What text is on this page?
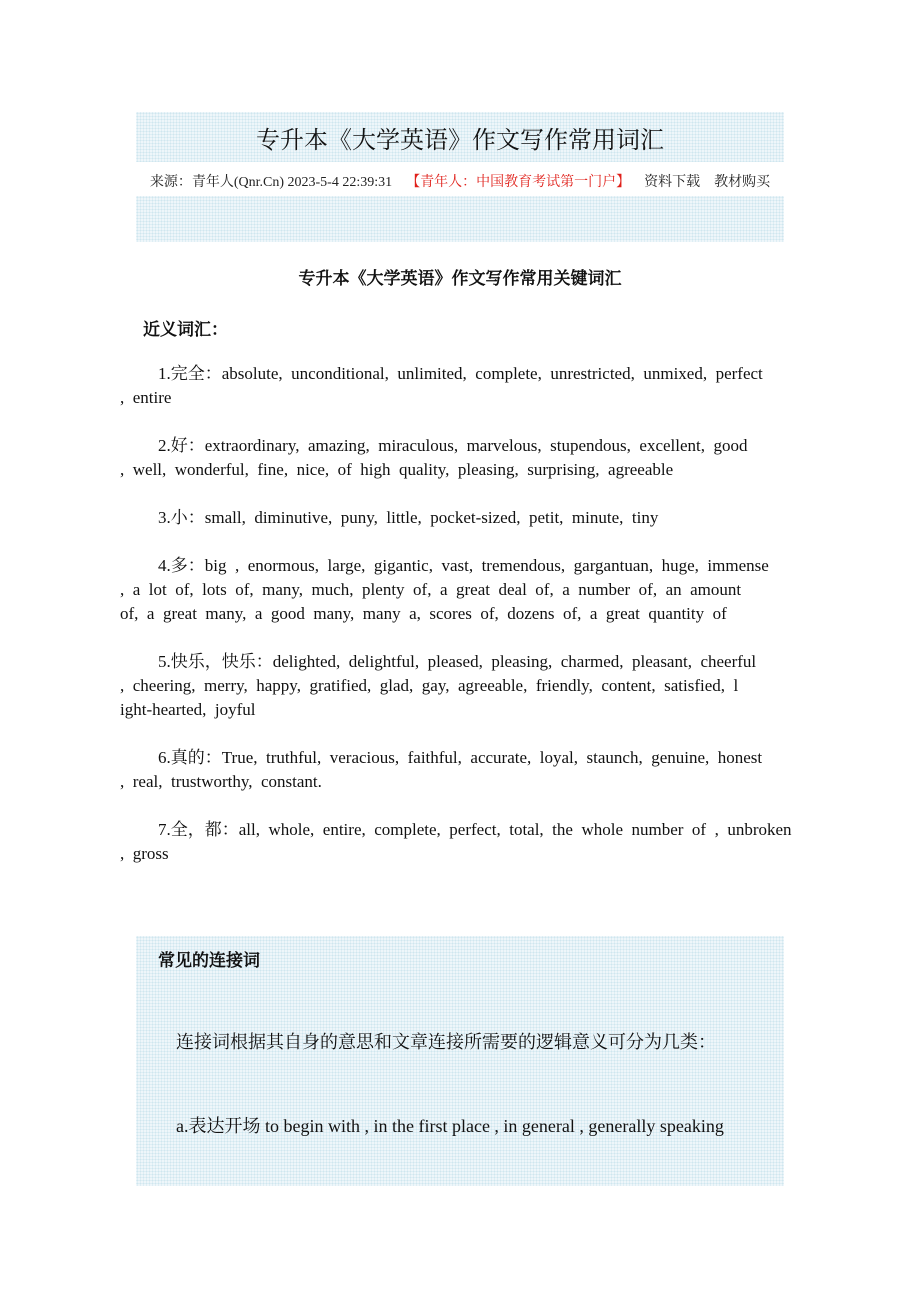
专升本《大学英语》作文写作常用词汇
来源：青年人(Qnr.Cn) 2023-5-4 22:39:31 【青年人：中国教育考试第一门户】 资料下载 教材购买
专升本《大学英语》作文写作常用关键词汇
近义词汇：
1.完全：absolute,  unconditional,  unlimited,  complete,  unrestricted,  unmixed,  perfect
,  entire
2.好：extraordinary,  amazing,  miraculous,  marvelous,  stupendous,  excellent,  good
,  well,  wonderful,  fine,  nice,  of  high  quality,  pleasing,  surprising,  agreeable
3.小：small,  diminutive,  puny,  little,  pocket-sized,  petit,  minute,  tiny
4.多：big  ,  enormous,  large,  gigantic,  vast,  tremendous,  gargantuan,  huge,  immense
,  a  lot  of,  lots  of,  many,  much,  plenty  of,  a  great  deal  of,  a  number  of,  an  amount
of,  a  great  many,  a  good  many,  many  a,  scores  of,  dozens  of,  a  great  quantity  of
5.快乐，快乐：delighted,  delightful,  pleased,  pleasing,  charmed,  pleasant,  cheerful
,  cheering,  merry,  happy,  gratified,  glad,  gay,  agreeable,  friendly,  content,  satisfied,  l
ight-hearted,  joyful
6.真的：True,  truthful,  veracious,  faithful,  accurate,  loyal,  staunch,  genuine,  honest
,  real,  trustworthy,  constant.
7.全，都：all,  whole,  entire,  complete,  perfect,  total,  the  whole  number  of  ,  unbroken
,  gross
常见的连接词
连接词根据其自身的意思和文章连接所需要的逻辑意义可分为几类：
a.表达开场 to begin with , in the first place , in general , generally speaking
